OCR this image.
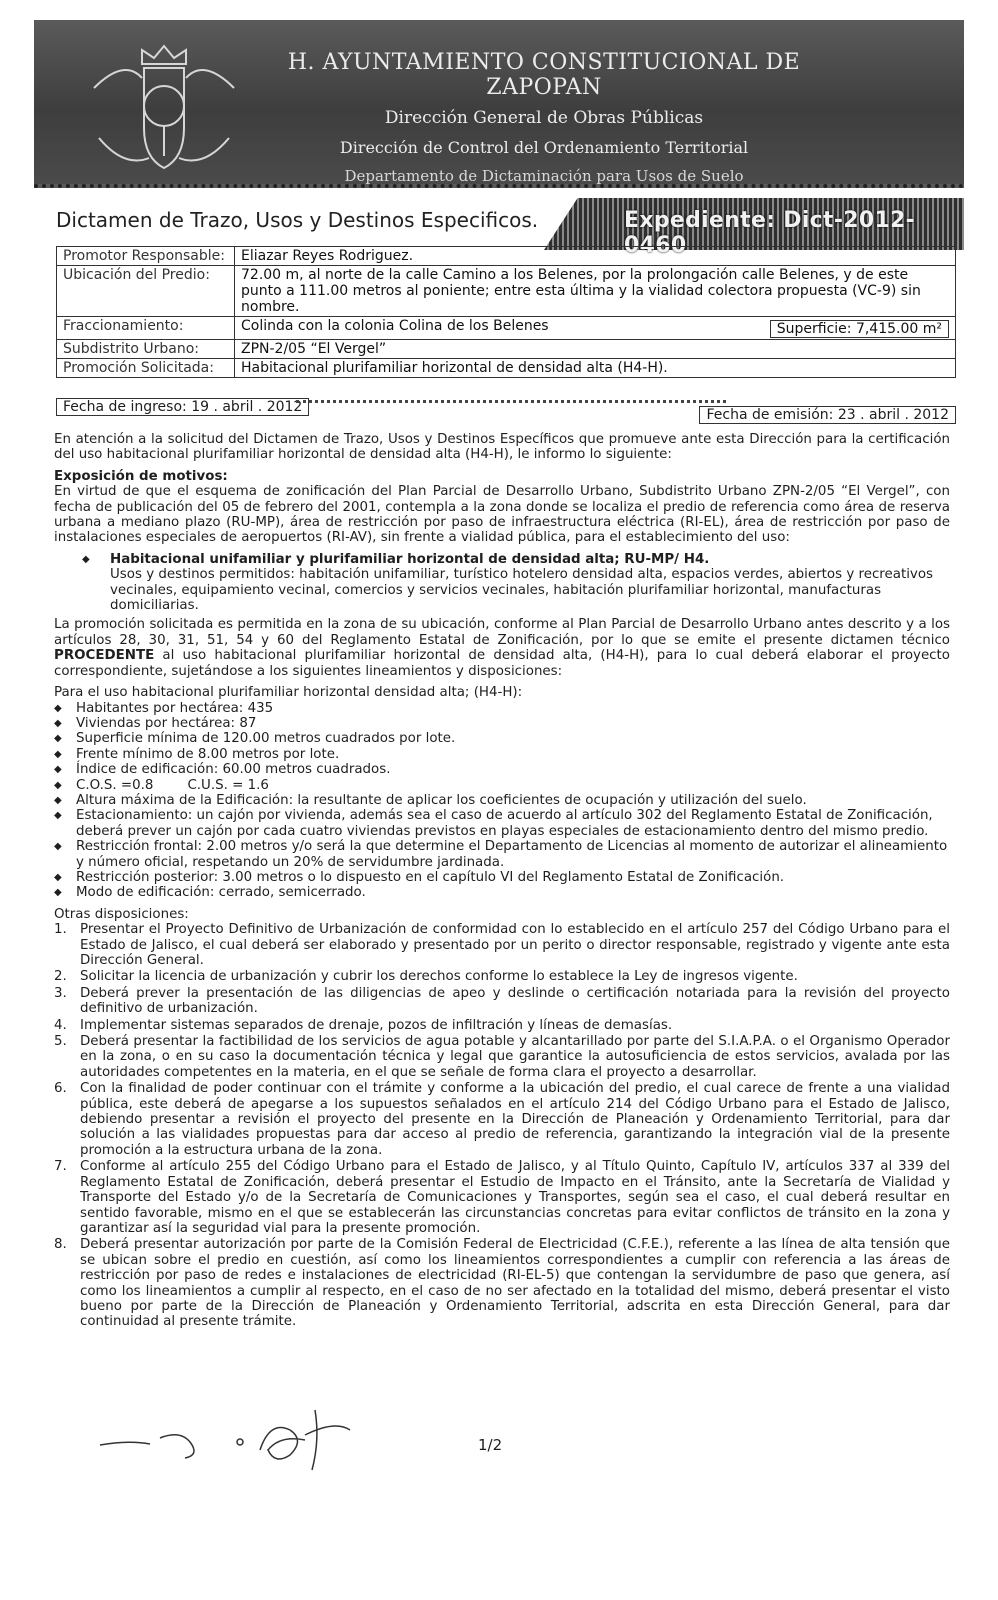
H. AYUNTAMIENTO CONSTITUCIONAL DE ZAPOPAN
Dirección General de Obras Públicas
Dirección de Control del Ordenamiento Territorial
Departamento de Dictaminación para Usos de Suelo
Dictamen de Trazo, Usos y Destinos Especificos.	Expediente: Dict-2012-0460
Promotor Responsable:	Eliazar Reyes Rodriguez.
Ubicación del Predio:	72.00 m, al norte de la calle Camino a los Belenes, por la prolongación calle Belenes, y de este punto a 111.00 metros al poniente; entre esta última y la vialidad colectora propuesta (VC-9) sin nombre.
Fraccionamiento:	Colinda con la colonia Colina de los Belenes Superficie: 7,415.00 m²

Subdistrito Urbano:	ZPN-2/05 “El Vergel”
Promoción Solicitada:	Habitacional plurifamiliar horizontal de densidad alta (H4-H).
Fecha de ingreso: 19 . abril . 2012	Fecha de emisión: 23 . abril . 2012

En atención a la solicitud del Dictamen de Trazo, Usos y Destinos Específicos que promueve ante esta Dirección para la certificación del uso habitacional plurifamiliar horizontal de densidad alta (H4-H), le informo lo siguiente:

Exposición de motivos:

En virtud de que el esquema de zonificación del Plan Parcial de Desarrollo Urbano, Subdistrito Urbano ZPN-2/05 “El Vergel”, con fecha de publicación del 05 de febrero del 2001, contempla a la zona donde se localiza el predio de referencia como área de reserva urbana a mediano plazo (RU-MP), área de restricción por paso de infraestructura eléctrica (RI-EL), área de restricción por paso de instalaciones especiales de aeropuertos (RI-AV), sin frente a vialidad pública, para el establecimiento del uso:

◆ Habitacional unifamiliar y plurifamiliar horizontal de densidad alta; RU-MP/ H4.
Usos y destinos permitidos: habitación unifamiliar, turístico hotelero densidad alta, espacios verdes, abiertos y recreativos vecinales, equipamiento vecinal, comercios y servicios vecinales, habitación plurifamiliar horizontal, manufacturas domiciliarias.

La promoción solicitada es permitida en la zona de su ubicación, conforme al Plan Parcial de Desarrollo Urbano antes descrito y a los artículos 28, 30, 31, 51, 54 y 60 del Reglamento Estatal de Zonificación, por lo que se emite el presente dictamen técnico PROCEDENTE al uso habitacional plurifamiliar horizontal de densidad alta, (H4-H), para lo cual deberá elaborar el proyecto correspondiente, sujetándose a los siguientes lineamientos y disposiciones:

Para el uso habitacional plurifamiliar horizontal densidad alta; (H4-H):
◆ Habitantes por hectárea: 435
◆ Viviendas por hectárea: 87
◆ Superficie mínima de 120.00 metros cuadrados por lote.
◆ Frente mínimo de 8.00 metros por lote.
◆ Índice de edificación: 60.00 metros cuadrados.
◆ C.O.S. =0.8        C.U.S. = 1.6
◆ Altura máxima de la Edificación: la resultante de aplicar los coeficientes de ocupación y utilización del suelo.
◆ Estacionamiento: un cajón por vivienda, además sea el caso de acuerdo al artículo 302 del Reglamento Estatal de Zonificación, deberá prever un cajón por cada cuatro viviendas previstos en playas especiales de estacionamiento dentro del mismo predio.
◆ Restricción frontal: 2.00 metros y/o será la que determine el Departamento de Licencias al momento de autorizar el alineamiento y número oficial, respetando un 20% de servidumbre jardinada.
◆ Restricción posterior: 3.00 metros o lo dispuesto en el capítulo VI del Reglamento Estatal de Zonificación.
◆ Modo de edificación: cerrado, semicerrado.
Otras disposiciones:
1. Presentar el Proyecto Definitivo de Urbanización de conformidad con lo establecido en el artículo 257 del Código Urbano para el Estado de Jalisco, el cual deberá ser elaborado y presentado por un perito o director responsable, registrado y vigente ante esta Dirección General.
2. Solicitar la licencia de urbanización y cubrir los derechos conforme lo establece la Ley de ingresos vigente.
3. Deberá prever la presentación de las diligencias de apeo y deslinde o certificación notariada para la revisión del proyecto definitivo de urbanización.
4. Implementar sistemas separados de drenaje, pozos de infiltración y líneas de demasías.
5. Deberá presentar la factibilidad de los servicios de agua potable y alcantarillado por parte del S.I.A.P.A. o el Organismo Operador en la zona, o en su caso la documentación técnica y legal que garantice la autosuficiencia de estos servicios, avalada por las autoridades competentes en la materia, en el que se señale de forma clara el proyecto a desarrollar.
6. Con la finalidad de poder continuar con el trámite y conforme a la ubicación del predio, el cual carece de frente a una vialidad pública, este deberá de apegarse a los supuestos señalados en el artículo 214 del Código Urbano para el Estado de Jalisco, debiendo presentar a revisión el proyecto del presente en la Dirección de Planeación y Ordenamiento Territorial, para dar solución a las vialidades propuestas para dar acceso al predio de referencia, garantizando la integración vial de la presente promoción a la estructura urbana de la zona.
7. Conforme al artículo 255 del Código Urbano para el Estado de Jalisco, y al Título Quinto, Capítulo IV, artículos 337 al 339 del Reglamento Estatal de Zonificación, deberá presentar el Estudio de Impacto en el Tránsito, ante la Secretaría de Vialidad y Transporte del Estado y/o de la Secretaría de Comunicaciones y Transportes, según sea el caso, el cual deberá resultar en sentido favorable, mismo en el que se establecerán las circunstancias concretas para evitar conflictos de tránsito en la zona y garantizar así la seguridad vial para la presente promoción.
8. Deberá presentar autorización por parte de la Comisión Federal de Electricidad (C.F.E.), referente a las línea de alta tensión que se ubican sobre el predio en cuestión, así como los lineamientos correspondientes a cumplir con referencia a las áreas de restricción por paso de redes e instalaciones de electricidad (RI-EL-5) que contengan la servidumbre de paso que genera, así como los lineamientos a cumplir al respecto, en el caso de no ser afectado en la totalidad del mismo, deberá presentar el visto bueno por parte de la Dirección de Planeación y Ordenamiento Territorial, adscrita en esta Dirección General, para dar continuidad al presente trámite.
1/2
